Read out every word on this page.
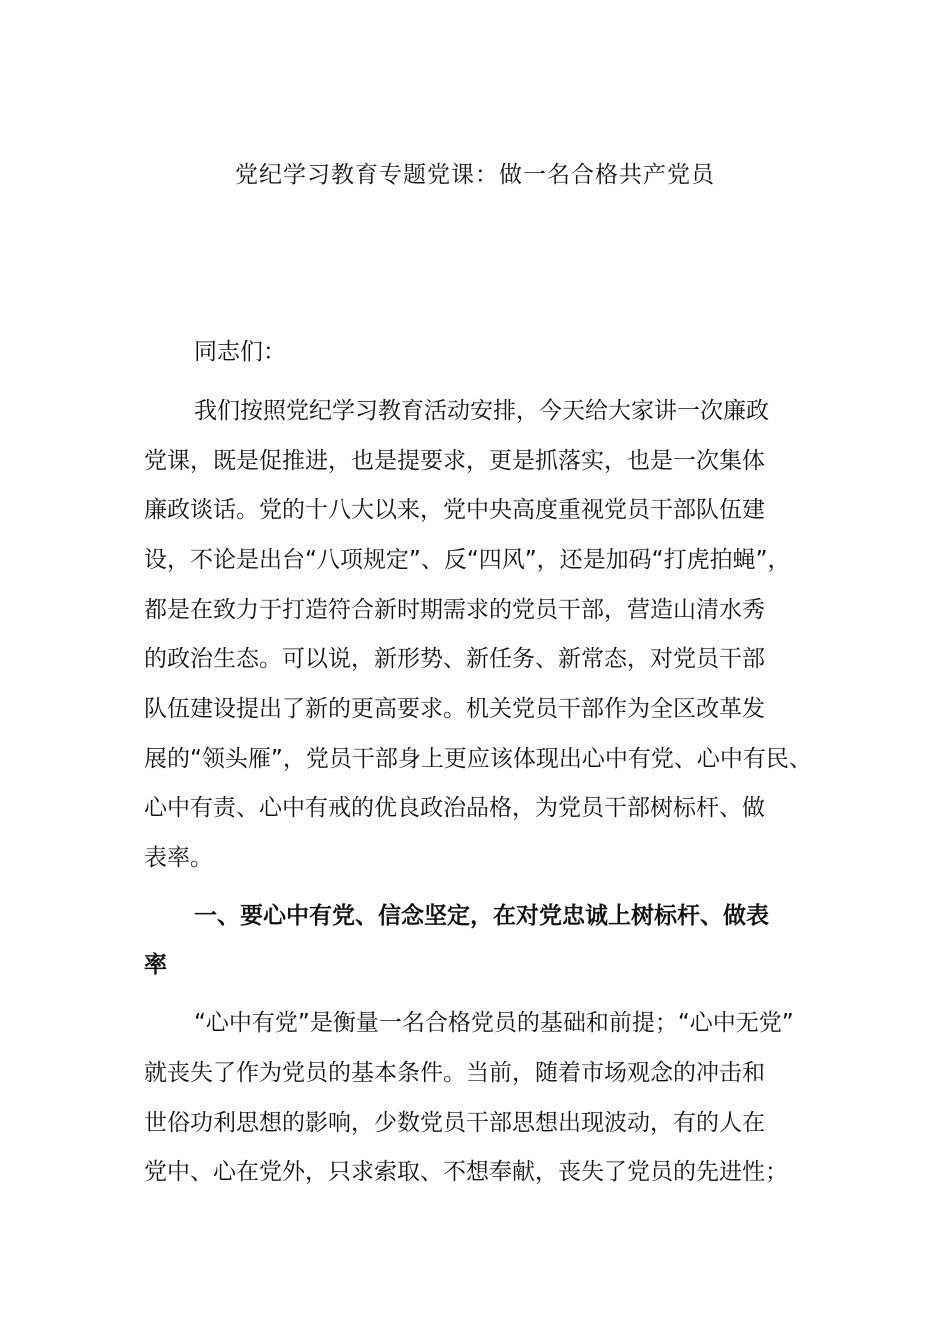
党纪学习教育专题党课：做一名合格共产党员

同志们：

我们按照党纪学习教育活动安排，今天给大家讲一次廉政

党课，既是促推进，也是提要求，更是抓落实，也是一次集体

廉政谈话。党的十八大以来，党中央高度重视党员干部队伍建

设，不论是出台“八项规定”、反“四风”，还是加码“打虎拍蝇”，

都是在致力于打造符合新时期需求的党员干部，营造山清水秀

的政治生态。可以说，新形势、新任务、新常态，对党员干部

队伍建设提出了新的更高要求。机关党员干部作为全区改革发

展的“领头雁”，党员干部身上更应该体现出心中有党、心中有民、

心中有责、心中有戒的优良政治品格，为党员干部树标杆、做

表率。

一、要心中有党、信念坚定，在对党忠诚上树标杆、做表

率

“心中有党”是衡量一名合格党员的基础和前提；“心中无党”

就丧失了作为党员的基本条件。当前，随着市场观念的冲击和

世俗功利思想的影响，少数党员干部思想出现波动，有的人在

党中、心在党外，只求索取、不想奉献，丧失了党员的先进性；
